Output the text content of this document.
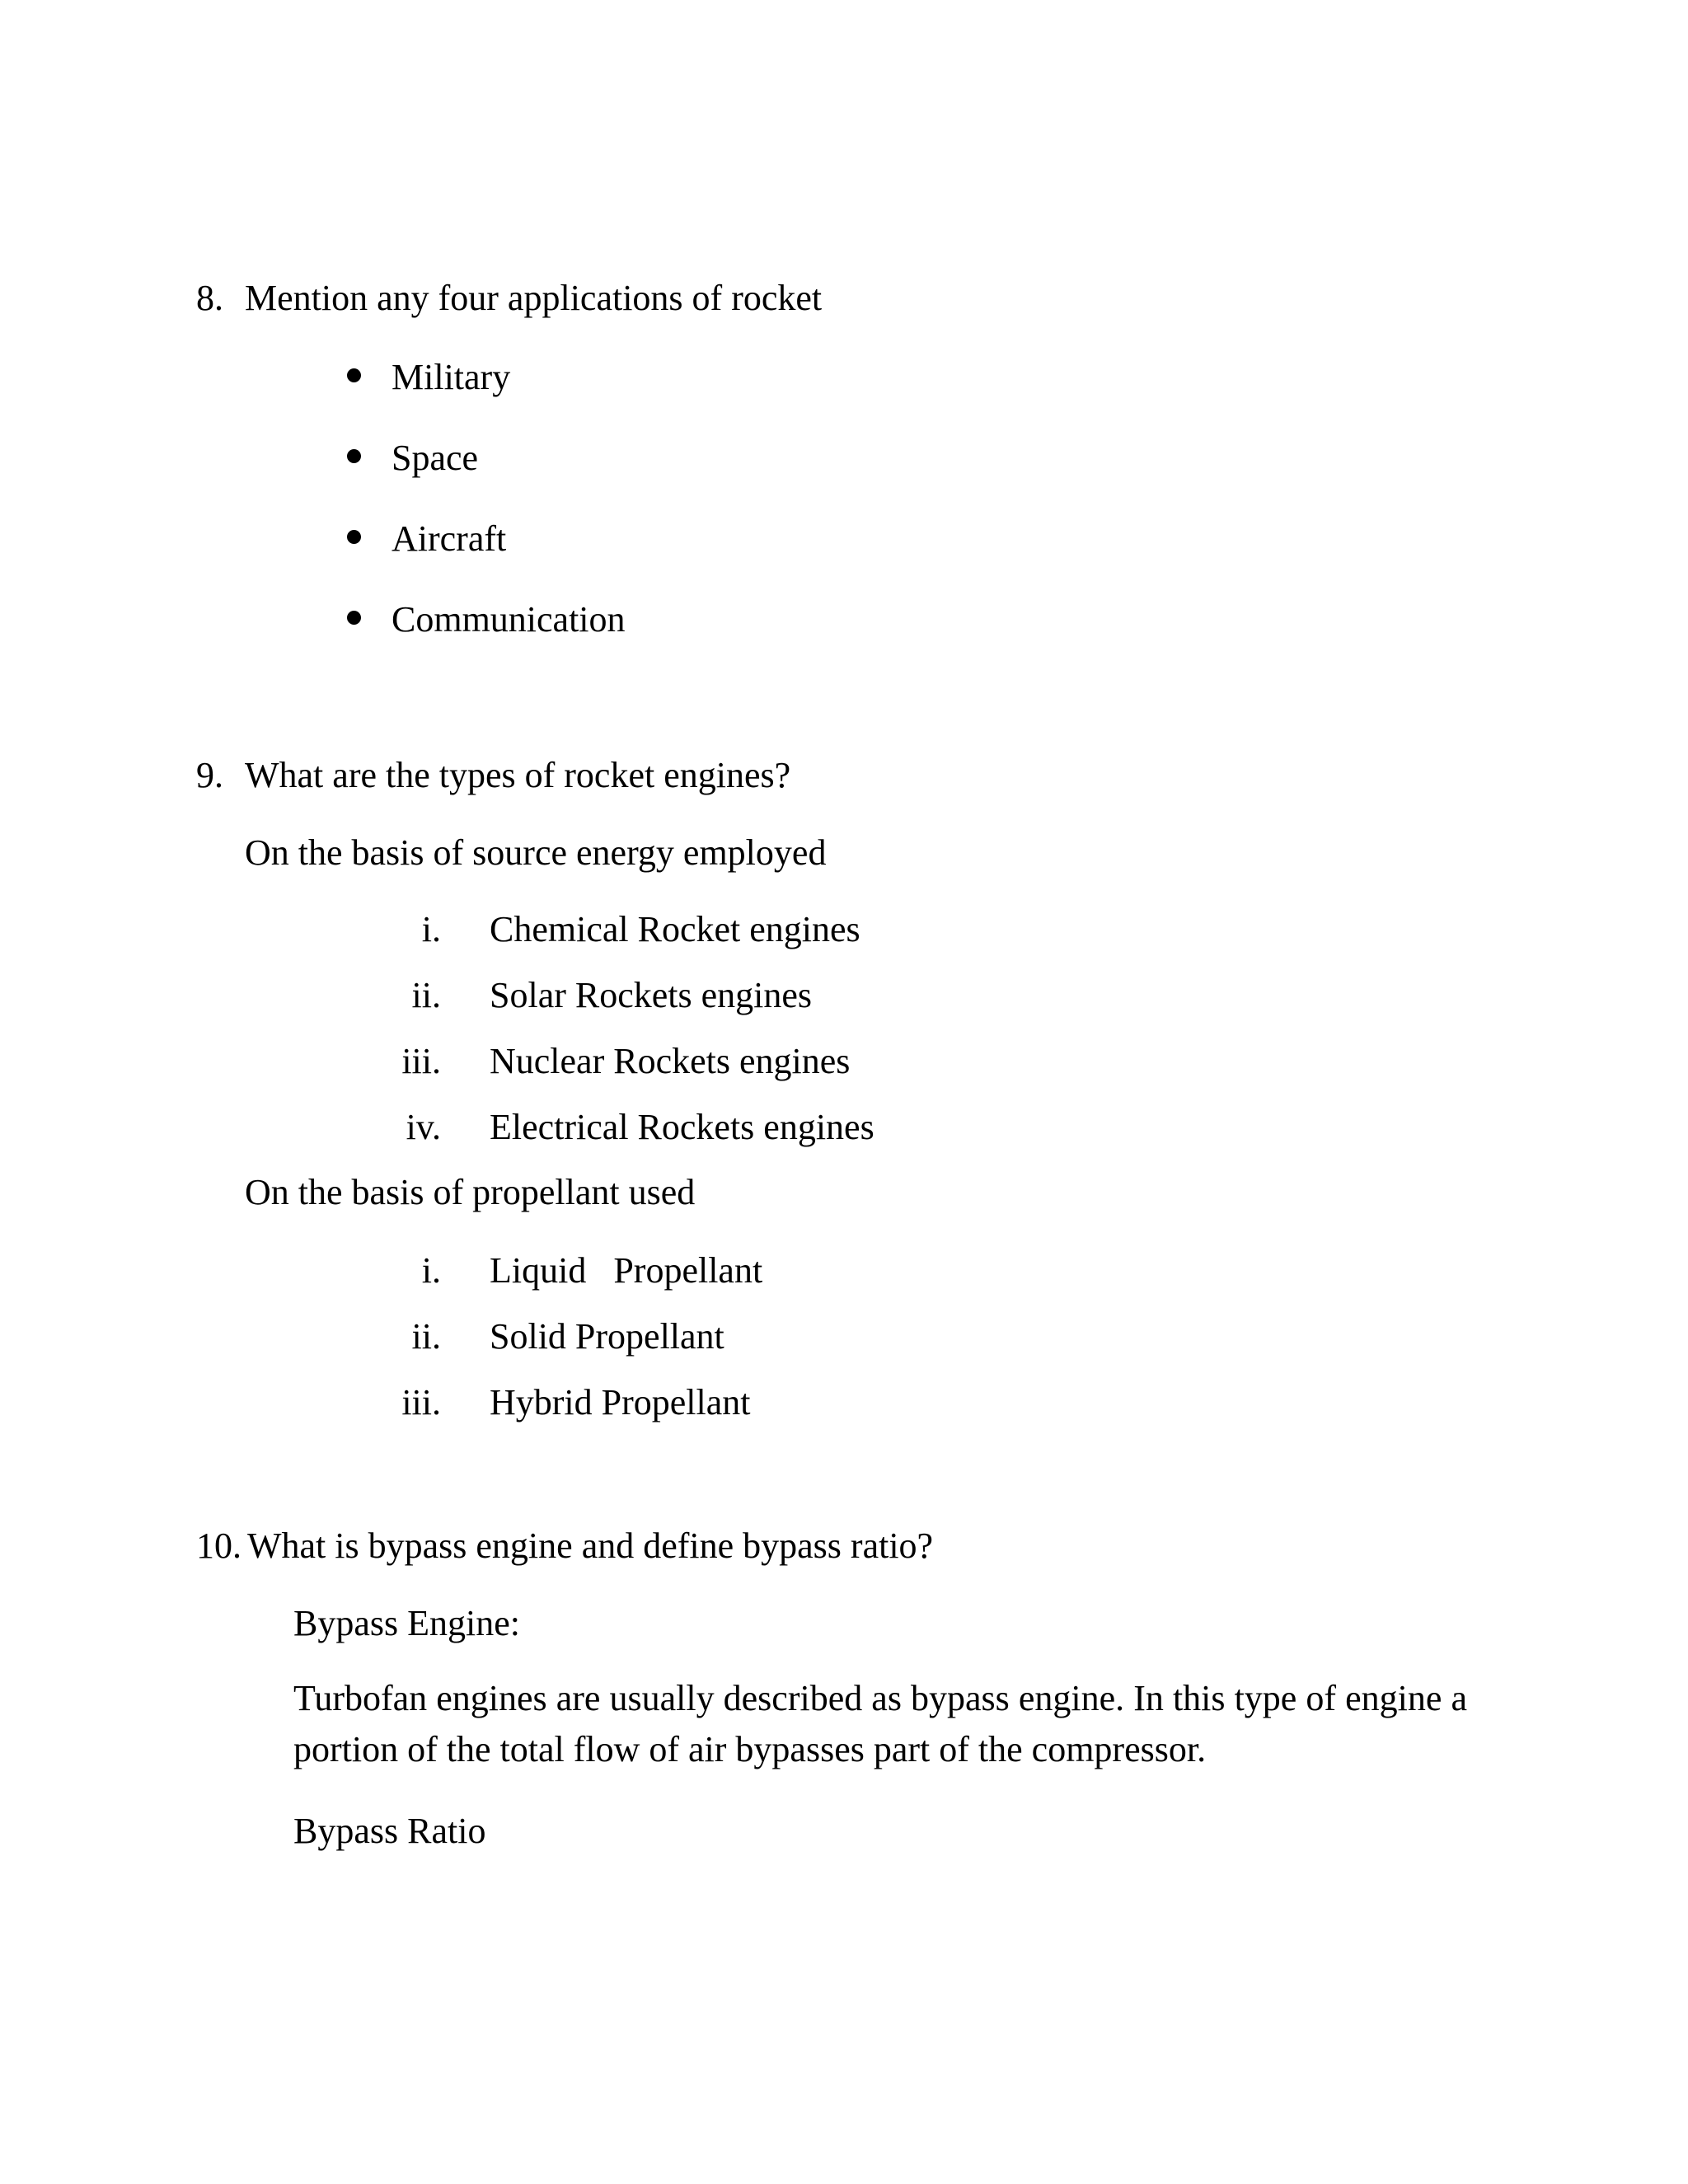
8. Mention any four applications of rocket
Military
Space
Aircraft
Communication
9. What are the types of rocket engines?
On the basis of source energy employed
i. Chemical Rocket engines
ii. Solar Rockets engines
iii. Nuclear Rockets engines
iv. Electrical Rockets engines
On the basis of propellant used
i. Liquid   Propellant
ii. Solid Propellant
iii. Hybrid Propellant
10. What is bypass engine and define bypass ratio?
Bypass Engine:
Turbofan engines are usually described as bypass engine. In this type of engine a portion of the total flow of air bypasses part of the compressor.
Bypass Ratio
